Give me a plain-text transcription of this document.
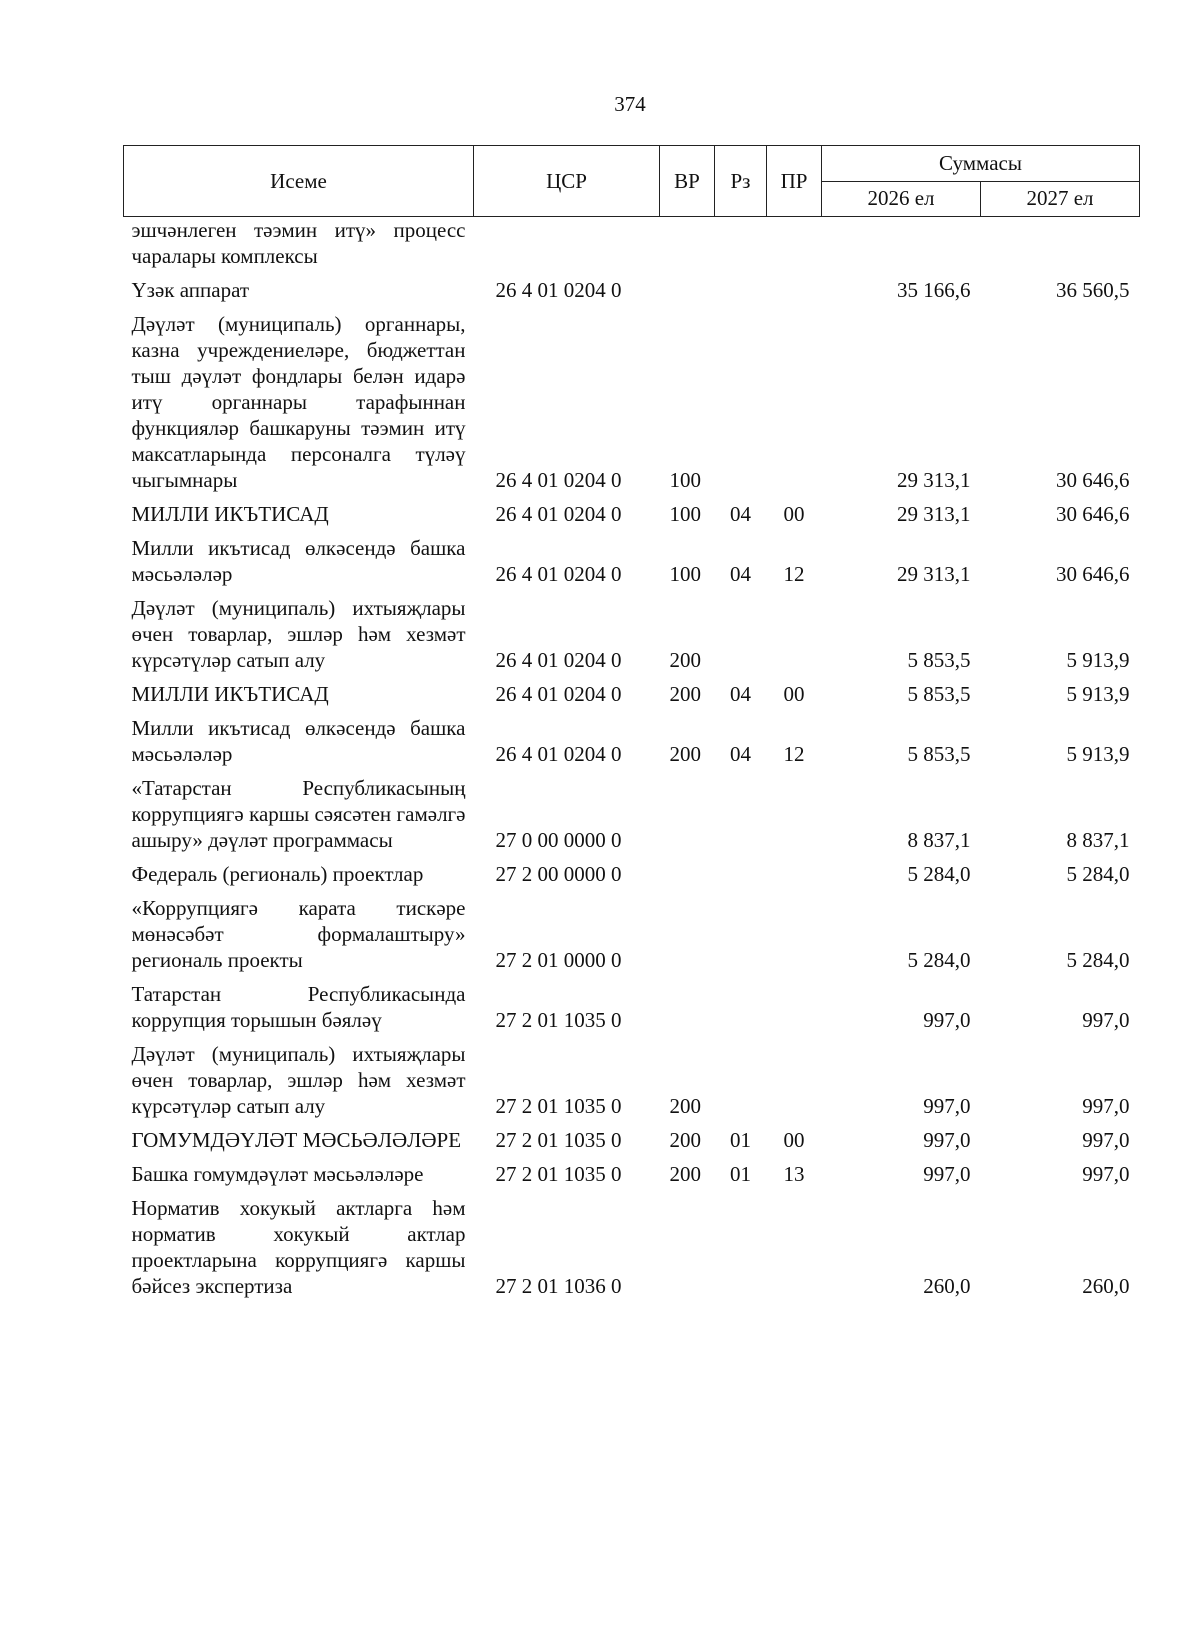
374
Исеме	ЦСР	ВР	Рз	ПР	Суммасы	
					2026 ел	2027 ел
эшчәнлеген тәэмин итү» процесс чаралары комплексы						
Үзәк аппарат	26 4 01 0204 0				35 166,6	36 560,5
Дәүләт (муниципаль) органнары, казна учреждениеләре, бюджеттан тыш дәүләт фондлары белән идарә итү органнары тарафыннан функцияләр башкаруны тәэмин итү максатларында персоналга түләү чыгымнары	26 4 01 0204 0	100			29 313,1	30 646,6
МИЛЛИ ИКЪТИСАД	26 4 01 0204 0	100	04	00	29 313,1	30 646,6
Милли икътисад өлкәсендә башка мәсьәләләр	26 4 01 0204 0	100	04	12	29 313,1	30 646,6
Дәүләт (муниципаль) ихтыяҗлары өчен товарлар, эшләр һәм хезмәт күрсәтүләр сатып алу	26 4 01 0204 0	200			5 853,5	5 913,9
МИЛЛИ ИКЪТИСАД	26 4 01 0204 0	200	04	00	5 853,5	5 913,9
Милли икътисад өлкәсендә башка мәсьәләләр	26 4 01 0204 0	200	04	12	5 853,5	5 913,9
«Татарстан Республикасының коррупциягә каршы сәясәтен гамәлгә ашыру» дәүләт программасы	27 0 00 0000 0				8 837,1	8 837,1
Федераль (региональ) проектлар	27 2 00 0000 0				5 284,0	5 284,0
«Коррупциягә карата тискәре мөнәсәбәт формалаштыру» региональ проекты	27 2 01 0000 0				5 284,0	5 284,0
Татарстан Республикасында коррупция торышын бәяләү	27 2 01 1035 0				997,0	997,0
Дәүләт (муниципаль) ихтыяҗлары өчен товарлар, эшләр һәм хезмәт күрсәтүләр сатып алу	27 2 01 1035 0	200			997,0	997,0
ГОМУМДӘҮЛӘТ МӘСЬӘЛӘЛӘРЕ	27 2 01 1035 0	200	01	00	997,0	997,0
Башка гомумдәүләт мәсьәләләре	27 2 01 1035 0	200	01	13	997,0	997,0
Норматив хокукый актларга һәм норматив хокукый актлар проектларына коррупциягә каршы бәйсез экспертиза	27 2 01 1036 0				260,0	260,0
